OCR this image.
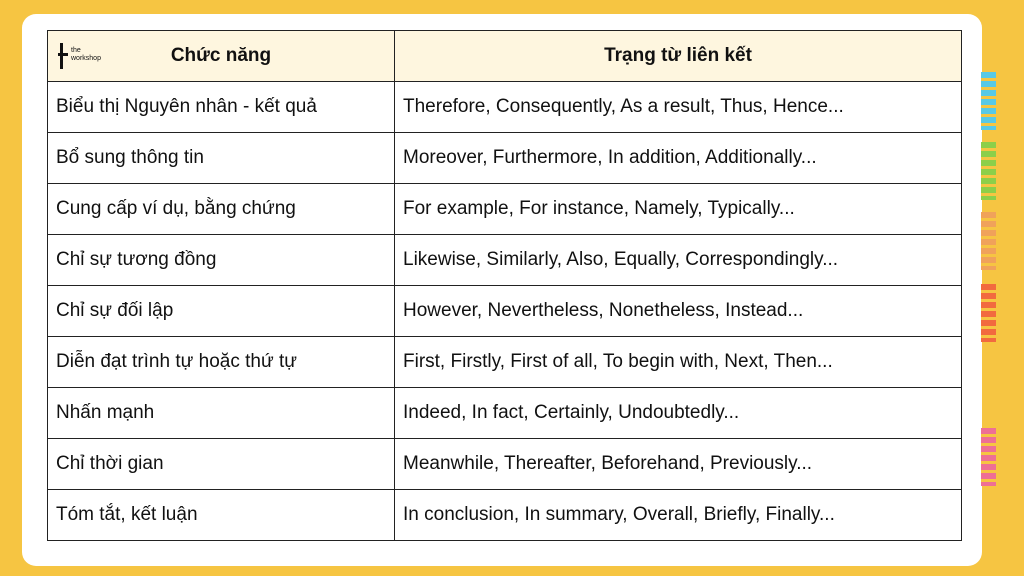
the
workshop Chức năng	Trạng từ liên kết
Biểu thị Nguyên nhân - kết quả	Therefore, Consequently, As a result, Thus, Hence...
Bổ sung thông tin	Moreover, Furthermore, In addition, Additionally...
Cung cấp ví dụ, bằng chứng	For example, For instance, Namely, Typically...
Chỉ sự tương đồng	Likewise, Similarly, Also, Equally, Correspondingly...
Chỉ sự đối lập	However, Nevertheless, Nonetheless, Instead...
Diễn đạt trình tự hoặc thứ tự	First, Firstly, First of all, To begin with, Next, Then...
Nhấn mạnh	Indeed, In fact, Certainly, Undoubtedly...
Chỉ thời gian	Meanwhile, Thereafter, Beforehand, Previously...
Tóm tắt, kết luận	In conclusion, In summary, Overall, Briefly, Finally...
